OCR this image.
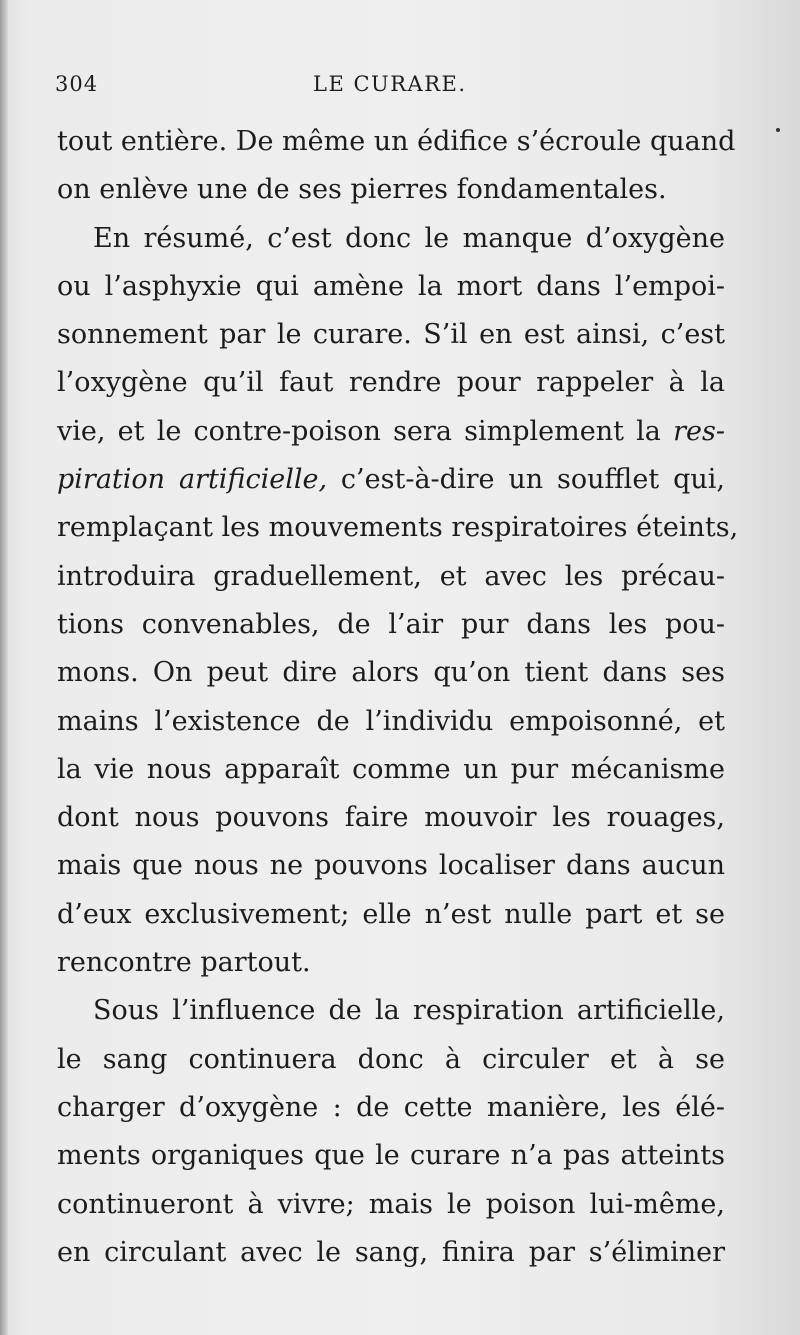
304	LE CURARE.
tout entière. De même un édifice s’écroule quand
on enlève une de ses pierres fondamentales.
En résumé, c’est donc le manque d’oxygène
ou l’asphyxie qui amène la mort dans l’empoi-
sonnement par le curare. S’il en est ainsi, c’est
l’oxygène qu’il faut rendre pour rappeler à la
vie, et le contre-poison sera simplement la res-
piration artificielle, c’est-à-dire un soufflet qui,
remplaçant les mouvements respiratoires éteints,
introduira graduellement, et avec les précau-
tions convenables, de l’air pur dans les pou-
mons. On peut dire alors qu’on tient dans ses
mains l’existence de l’individu empoisonné, et
la vie nous apparaît comme un pur mécanisme
dont nous pouvons faire mouvoir les rouages,
mais que nous ne pouvons localiser dans aucun
d’eux exclusivement; elle n’est nulle part et se
rencontre partout.
Sous l’influence de la respiration artificielle,
le sang continuera donc à circuler et à se
charger d’oxygène : de cette manière, les élé-
ments organiques que le curare n’a pas atteints
continueront à vivre; mais le poison lui-même,
en circulant avec le sang, finira par s’éliminer
